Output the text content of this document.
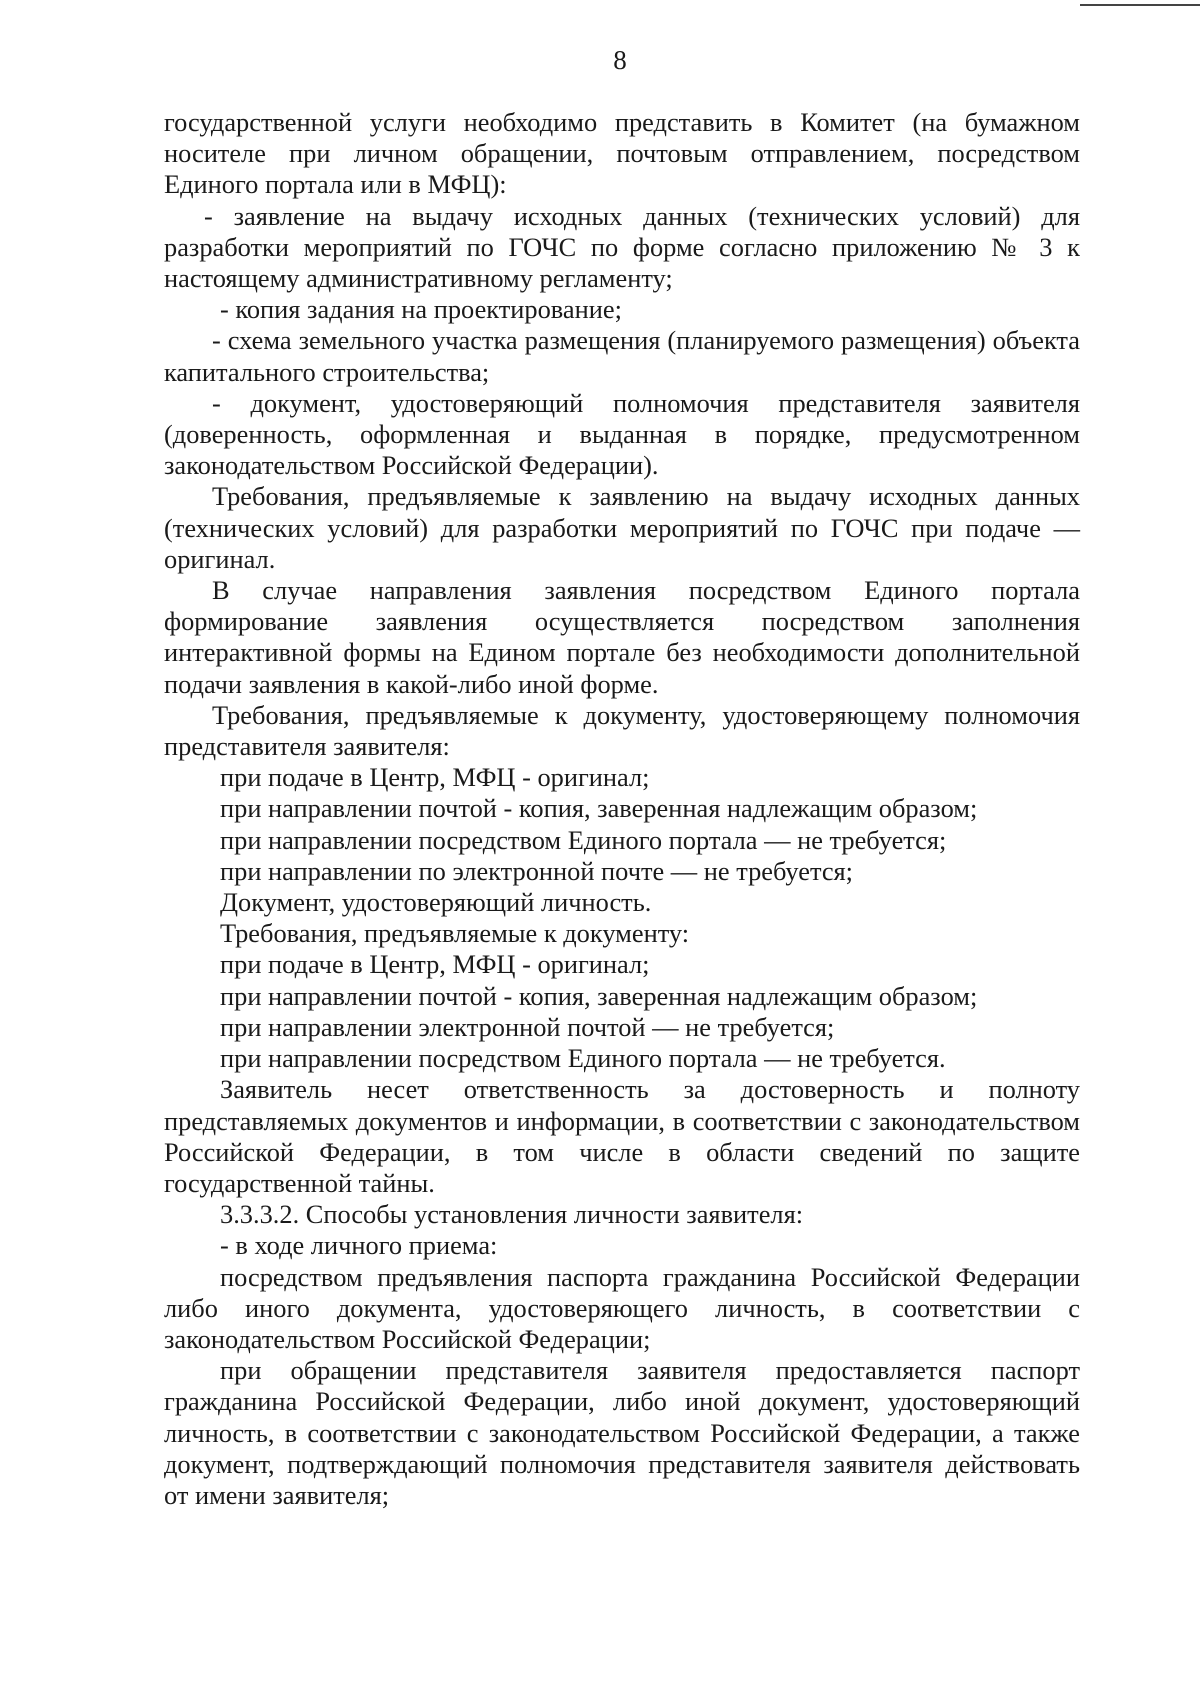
8

государственной услуги необходимо представить в Комитет (на бумажном носителе при личном обращении, почтовым отправлением, посредством Единого портала или в МФЦ):

- заявление на выдачу исходных данных (технических условий) для разработки мероприятий по ГОЧС по форме согласно приложению № 3 к настоящему административному регламенту;

- копия задания на проектирование;

- схема земельного участка размещения (планируемого размещения) объекта капитального строительства;

- документ, удостоверяющий полномочия представителя заявителя (доверенность, оформленная и выданная в порядке, предусмотренном законодательством Российской Федерации).

Требования, предъявляемые к заявлению на выдачу исходных данных (технических условий) для разработки мероприятий по ГОЧС при подаче — оригинал.

В случае направления заявления посредством Единого портала формирование заявления осуществляется посредством заполнения интерактивной формы на Едином портале без необходимости дополнительной подачи заявления в какой-либо иной форме.

Требования, предъявляемые к документу, удостоверяющему полномочия представителя заявителя:

при подаче в Центр, МФЦ - оригинал;

при направлении почтой - копия, заверенная надлежащим образом;

при направлении посредством Единого портала — не требуется;

при направлении по электронной почте — не требуется;

Документ, удостоверяющий личность.

Требования, предъявляемые к документу:

при подаче в Центр, МФЦ - оригинал;

при направлении почтой - копия, заверенная надлежащим образом;

при направлении электронной почтой — не требуется;

при направлении посредством Единого портала — не требуется.

Заявитель несет ответственность за достоверность и полноту представляемых документов и информации, в соответствии с законодательством Российской Федерации, в том числе в области сведений по защите государственной тайны.

3.3.3.2. Способы установления личности заявителя:

- в ходе личного приема:

посредством предъявления паспорта гражданина Российской Федерации либо иного документа, удостоверяющего личность, в соответствии с законодательством Российской Федерации;

при обращении представителя заявителя предоставляется паспорт гражданина Российской Федерации, либо иной документ, удостоверяющий личность, в соответствии с законодательством Российской Федерации, а также документ, подтверждающий полномочия представителя заявителя действовать от имени заявителя;
